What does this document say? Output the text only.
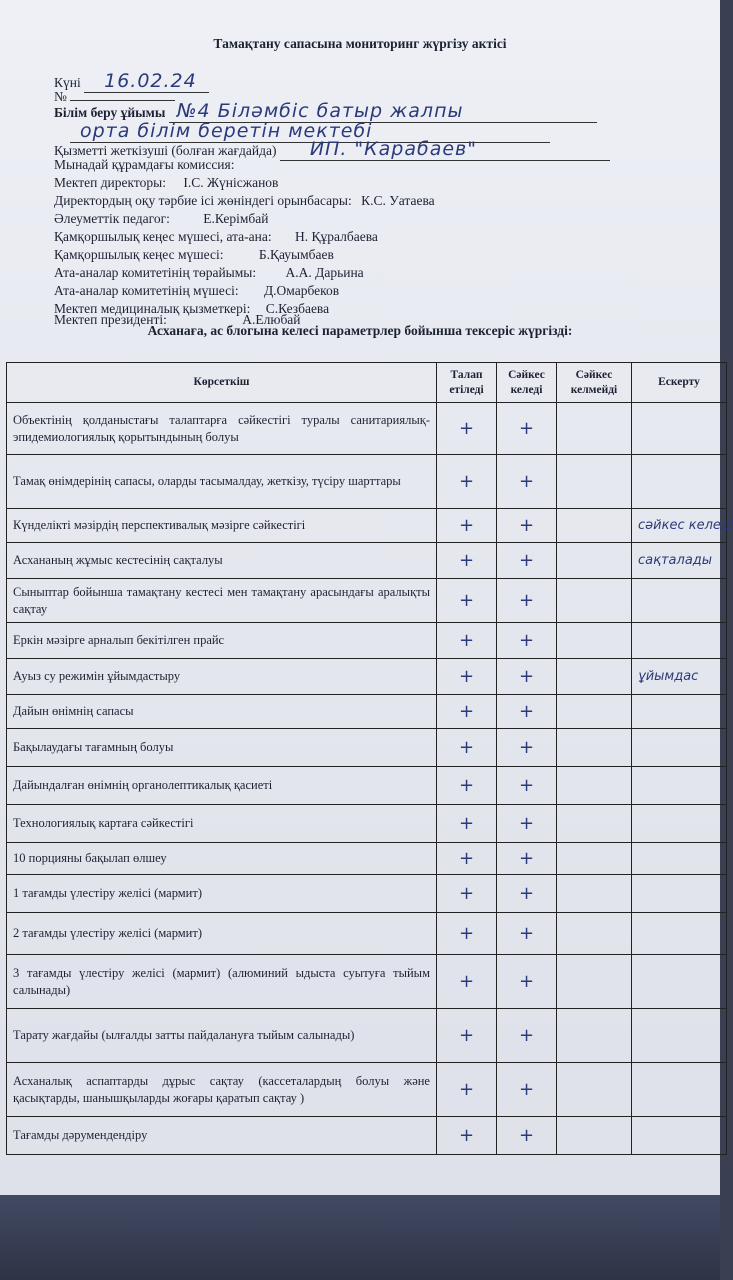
Тамақтану сапасына мониторинг жүргізу актісі
Күні 16.02.24
№
Білім беру ұйымы №4 Біләмбіс батыр жалпы
орта білім беретін мектебі
Қызметті жеткізуші (болған жағдайда) ИП. "Карабаев"
Мынадай құрамдағы комиссия:
Мектеп директоры: І.С. Жүнісжанов
Директордың оқу тәрбие ісі жөніндегі орынбасары: К.С. Уатаева
Әлеуметтік педагог: Е.Керімбай
Қамқоршылық кеңес мүшесі, ата-ана: Н. Құралбаева
Қамқоршылық кеңес мүшесі:	Б.Қауымбаев
Ата-аналар комитетінің төрайымы: А.А. Дарьина
Ата-аналар комитетінің мүшесі: Д.Омарбеков
Мектеп медициналық қызметкері: С.Кезбаева
Мектеп президенті:	А.Елюбай
Асханаға, ас блогына келесі параметрлер бойынша тексеріс жүргізді:
Көрсеткіш	Талап етіледі	Сәйкес келеді	Сәйкес келмейді	Ескерту
Объектінің қолданыстағы талаптарға сәйкестігі туралы санитариялық-эпидемиологиялық қорытындының болуы	+	+		
Тамақ өнімдерінің сапасы, оларды тасымалдау, жеткізу, түсіру шарттары	+	+		
Күнделікті мәзірдің перспективалық мәзірге сәйкестігі	+	+		сәйкес келеді
Асхананың жұмыс кестесінің сақталуы	+	+		сақталады
Сыныптар бойынша тамақтану кестесі мен тамақтану арасындағы аралықты сақтау	+	+		
Еркін мәзірге арналып бекітілген прайс	+	+		
Ауыз су режимін ұйымдастыру	+	+		ұйымдас
Дайын өнімнің сапасы	+	+		
Бақылаудағы тағамның болуы	+	+		
Дайындалған өнімнің органолептикалық қасиеті	+	+		
Технологиялық картаға сәйкестігі	+	+		
10 порцияны бақылап өлшеу	+	+		
1 тағамды үлестіру желісі (мармит)	+	+		
2 тағамды үлестіру желісі (мармит)	+	+		
3 тағамды үлестіру желісі (мармит) (алюминий ыдыста суытуға тыйым салынады)	+	+		
Тарату жағдайы (ылғалды затты пайдалануға тыйым салынады)	+	+		
Асханалық аспаптарды дұрыс сақтау (кассеталардың болуы және қасықтарды, шанышқыларды жоғары қаратып сақтау )	+	+		
Тағамды дәрумендендіру	+	+		
